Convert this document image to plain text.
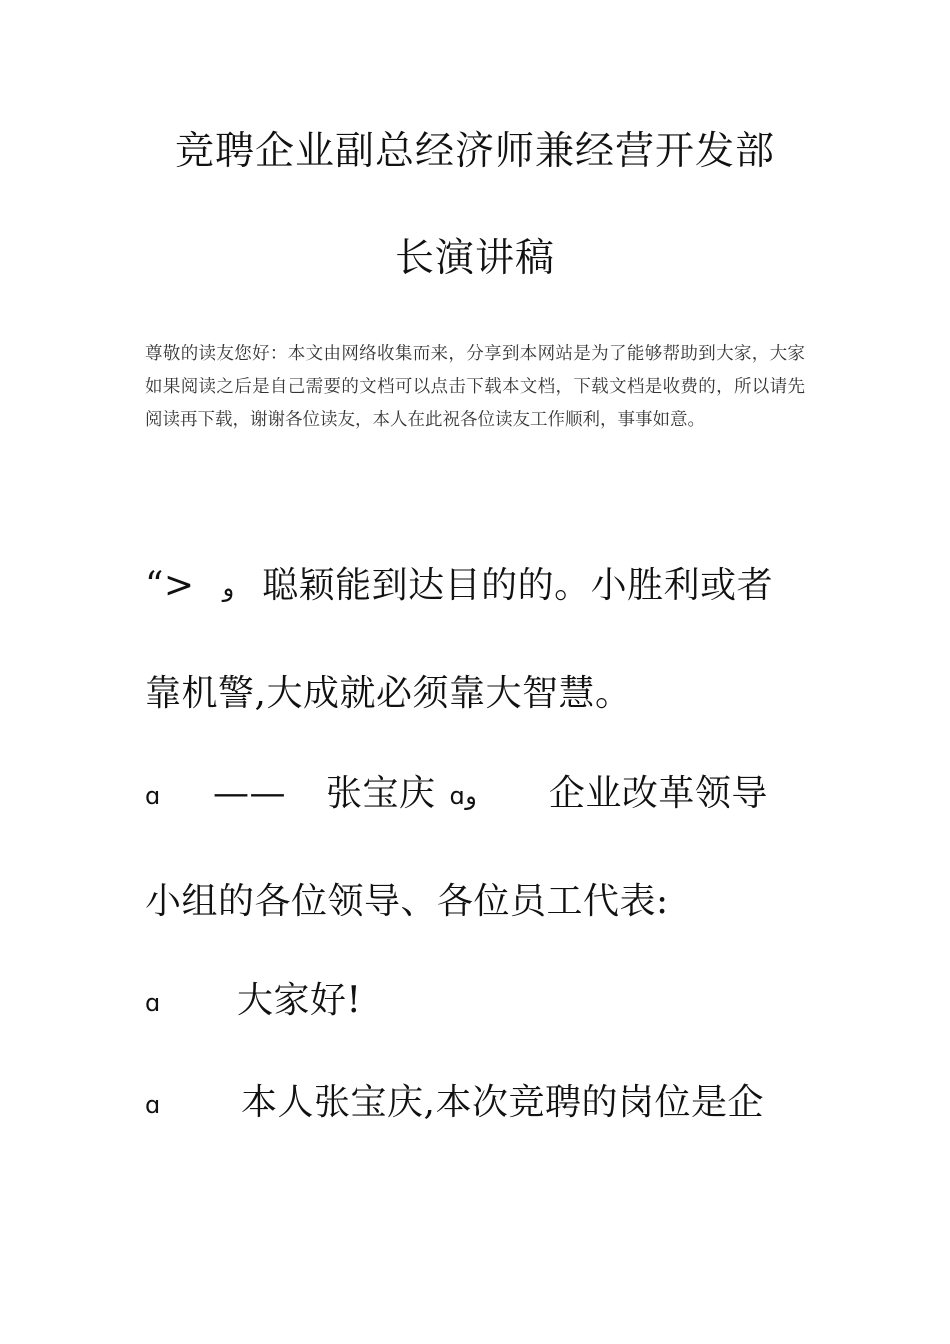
竞聘企业副总经济师兼经营开发部
长演讲稿
尊敬的读友您好：本文由网络收集而来，分享到本网站是为了能够帮助到大家，大家如果阅读之后是自己需要的文档可以点击下载本文档，下载文档是收费的，所以请先阅读再下载，谢谢各位读友，本人在此祝各位读友工作顺利，事事如意。
“> و 聪颖能到达目的的。小胜利或者
靠机警,大成就必须靠大智慧。
ɑ —— 张宝庆 ɑو 企业改革领导
小组的各位领导、各位员工代表:
ɑ 大家好!
ɑ 本人张宝庆,本次竞聘的岗位是企
